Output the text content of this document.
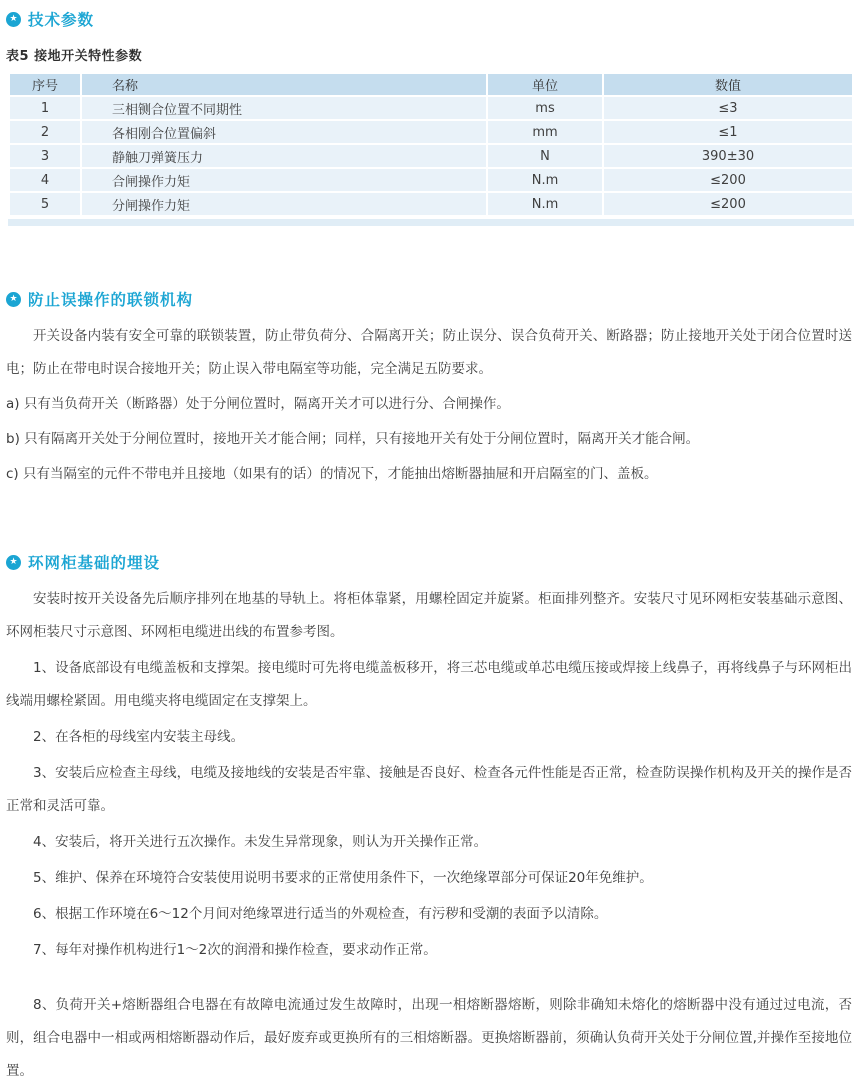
★ 技术参数
表5 接地开关特性参数
序号	名称	单位	数值
1	三相铡合位置不同期性	ms	≤3
2	各相刚合位置偏斜	mm	≤1
3	静触刀弹簧压力	N	390±30
4	合闸操作力矩	N.m	≤200
5	分闸操作力矩	N.m	≤200
★ 防止误操作的联锁机构

开关设备内装有安全可靠的联锁装置，防止带负荷分、合隔离开关；防止误分、误合负荷开关、断路器；防止接地开关处于闭合位置时送电；防止在带电时误合接地开关；防止误入带电隔室等功能，完全满足五防要求。

a) 只有当负荷开关（断路器）处于分闸位置时，隔离开关才可以进行分、合闸操作。

b) 只有隔离开关处于分闸位置时，接地开关才能合闸；同样，只有接地开关有处于分闸位置时，隔离开关才能合闸。

c) 只有当隔室的元件不带电并且接地（如果有的话）的情况下，才能抽出熔断器抽屉和开启隔室的门、盖板。

★ 环网柜基础的埋设

安装时按开关设备先后顺序排列在地基的导轨上。将柜体靠紧，用螺栓固定并旋紧。柜面排列整齐。安装尺寸见环网柜安装基础示意图、环网柜装尺寸示意图、环网柜电缆进出线的布置参考图。

1、设备底部设有电缆盖板和支撑架。接电缆时可先将电缆盖板移开，将三芯电缆或单芯电缆压接或焊接上线鼻子，再将线鼻子与环网柜出线端用螺栓紧固。用电缆夹将电缆固定在支撑架上。

2、在各柜的母线室内安装主母线。

3、安装后应检查主母线，电缆及接地线的安装是否牢靠、接触是否良好、检查各元件性能是否正常，检查防误操作机构及开关的操作是否正常和灵活可靠。

4、安装后，将开关进行五次操作。未发生异常现象，则认为开关操作正常。

5、维护、保养在环境符合安装使用说明书要求的正常使用条件下，一次绝缘罩部分可保证20年免维护。

6、根据工作环境在6～12个月间对绝缘罩进行适当的外观检查，有污秽和受潮的表面予以清除。

7、每年对操作机构进行1～2次的润滑和操作检查，要求动作正常。

8、负荷开关+熔断器组合电器在有故障电流通过发生故障时，出现一相熔断器熔断，则除非确知未熔化的熔断器中没有通过过电流，否则，组合电器中一相或两相熔断器动作后，最好废弃或更换所有的三相熔断器。更换熔断器前，须确认负荷开关处于分闸位置,并操作至接地位置。
